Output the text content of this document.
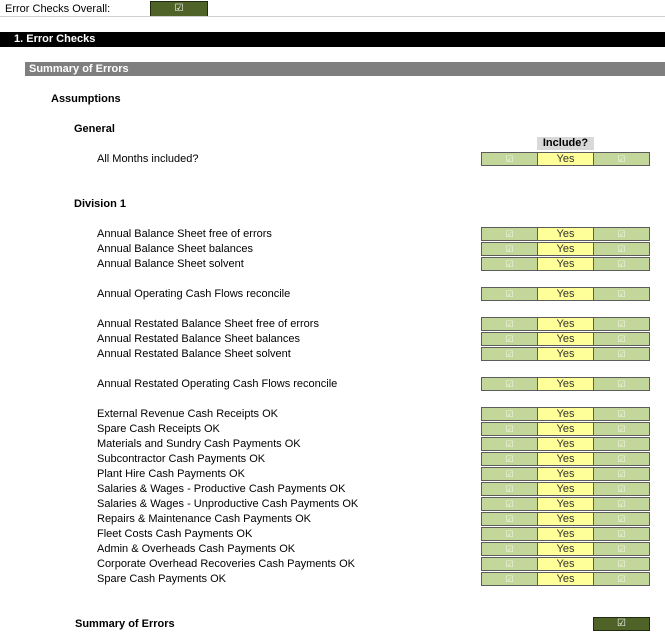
Error Checks Overall:	☑
1. Error Checks
Summary of Errors
Assumptions
General
Include?
Division 1
All Months included?	☑	Yes	☑
Annual Balance Sheet free of errors	☑	Yes	☑
Annual Balance Sheet balances	☑	Yes	☑
Annual Balance Sheet solvent	☑	Yes	☑
Annual Operating Cash Flows reconcile	☑	Yes	☑
Annual Restated Balance Sheet free of errors	☑	Yes	☑
Annual Restated Balance Sheet balances	☑	Yes	☑
Annual Restated Balance Sheet solvent	☑	Yes	☑
Annual Restated Operating Cash Flows reconcile	☑	Yes	☑
External Revenue Cash Receipts OK	☑	Yes	☑
Spare Cash Receipts OK	☑	Yes	☑
Materials and Sundry Cash Payments OK	☑	Yes	☑
Subcontractor Cash Payments OK	☑	Yes	☑
Plant Hire Cash Payments OK	☑	Yes	☑
Salaries & Wages - Productive Cash Payments OK	☑	Yes	☑
Salaries & Wages - Unproductive Cash Payments OK	☑	Yes	☑
Repairs & Maintenance Cash Payments OK	☑	Yes	☑
Fleet Costs Cash Payments OK	☑	Yes	☑
Admin & Overheads Cash Payments OK	☑	Yes	☑
Corporate Overhead Recoveries Cash Payments OK	☑	Yes	☑
Spare Cash Payments OK	☑	Yes	☑
Summary of Errors	☑
